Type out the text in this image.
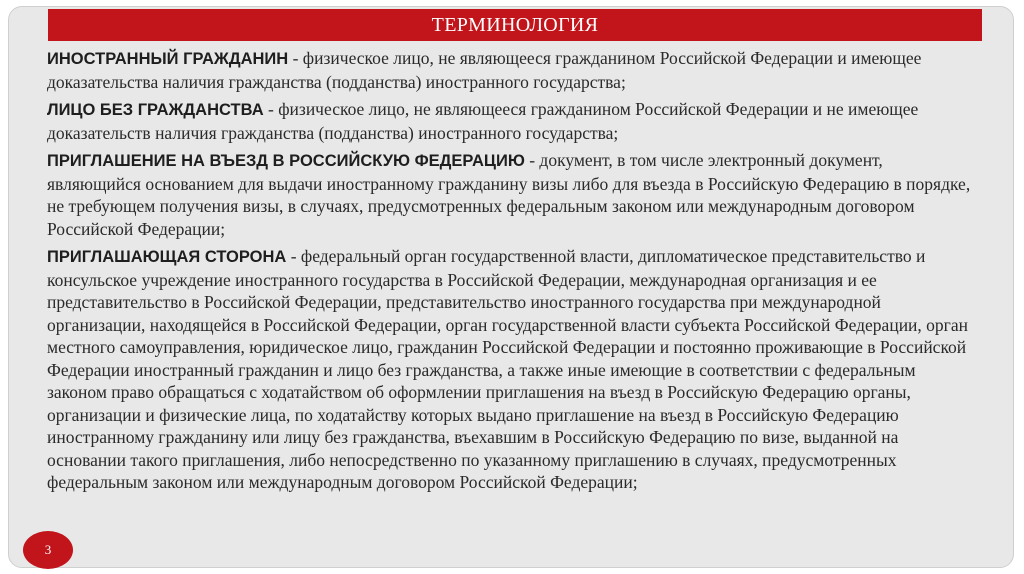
ТЕРМИНОЛОГИЯ

ИНОСТРАННЫЙ ГРАЖДАНИН - физическое лицо, не являющееся гражданином Российской Федерации и имеющее доказательства наличия гражданства (подданства) иностранного государства;

ЛИЦО БЕЗ ГРАЖДАНСТВА - физическое лицо, не являющееся гражданином Российской Федерации и не имеющее доказательств наличия гражданства (подданства) иностранного государства;

ПРИГЛАШЕНИЕ НА ВЪЕЗД В РОССИЙСКУЮ ФЕДЕРАЦИЮ - документ, в том числе электронный документ, являющийся основанием для выдачи иностранному гражданину визы либо для въезда в Российскую Федерацию в порядке, не требующем получения визы, в случаях, предусмотренных федеральным законом или международным договором Российской Федерации;

ПРИГЛАШАЮЩАЯ СТОРОНА - федеральный орган государственной власти, дипломатическое представительство и консульское учреждение иностранного государства в Российской Федерации, международная организация и ее представительство в Российской Федерации, представительство иностранного государства при международной организации, находящейся в Российской Федерации, орган государственной власти субъекта Российской Федерации, орган местного самоуправления, юридическое лицо, гражданин Российской Федерации и постоянно проживающие в Российской Федерации иностранный гражданин и лицо без гражданства, а также иные имеющие в соответствии с федеральным законом право обращаться с ходатайством об оформлении приглашения на въезд в Российскую Федерацию органы, организации и физические лица, по ходатайству которых выдано приглашение на въезд в Российскую Федерацию иностранному гражданину или лицу без гражданства, въехавшим в Российскую Федерацию по визе, выданной на основании такого приглашения, либо непосредственно по указанному приглашению в случаях, предусмотренных федеральным законом или международным договором Российской Федерации;

3
